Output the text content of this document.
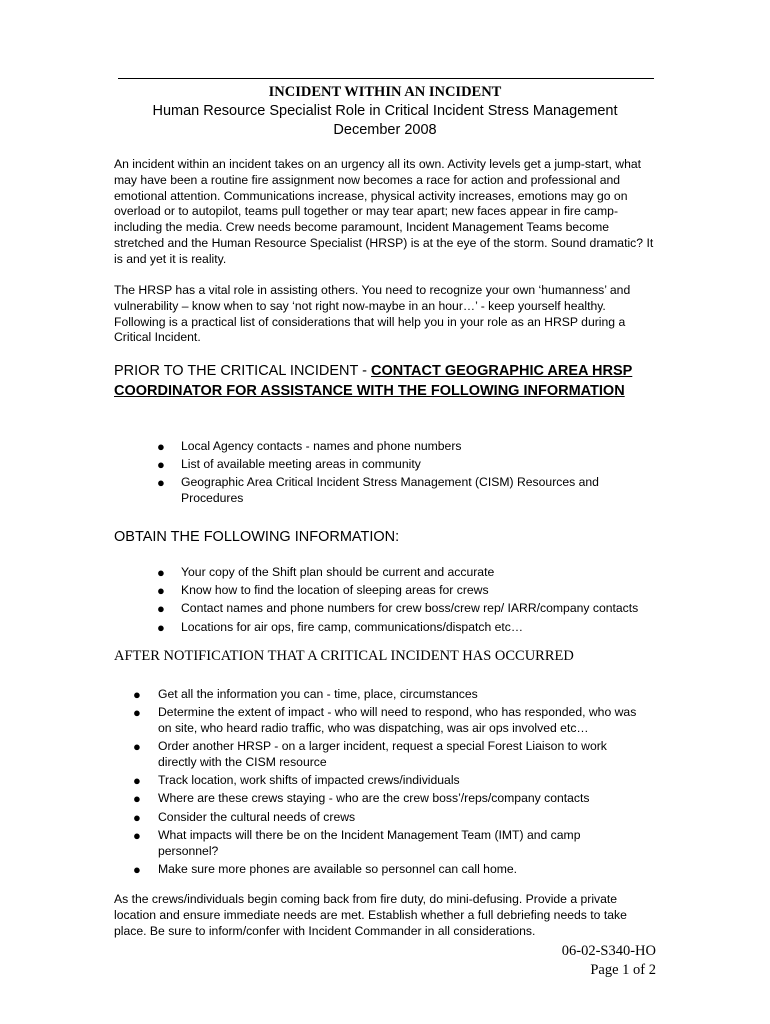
INCIDENT WITHIN AN INCIDENT
Human Resource Specialist Role in Critical Incident Stress Management
December 2008

An incident within an incident takes on an urgency all its own. Activity levels get a jump-start, what may have been a routine fire assignment now becomes a race for action and professional and emotional attention. Communications increase, physical activity increases, emotions may go on overload or to autopilot, teams pull together or may tear apart; new faces appear in fire camp-including the media. Crew needs become paramount, Incident Management Teams become stretched and the Human Resource Specialist (HRSP) is at the eye of the storm. Sound dramatic? It is and yet it is reality.

The HRSP has a vital role in assisting others. You need to recognize your own ‘humanness’ and vulnerability – know when to say ‘not right now-maybe in an hour…’ - keep yourself healthy. Following is a practical list of considerations that will help you in your role as an HRSP during a Critical Incident.

PRIOR TO THE CRITICAL INCIDENT - CONTACT GEOGRAPHIC AREA HRSP COORDINATOR FOR ASSISTANCE WITH THE FOLLOWING INFORMATION

● Local Agency contacts - names and phone numbers
● List of available meeting areas in community
● Geographic Area Critical Incident Stress Management (CISM) Resources and Procedures

OBTAIN THE FOLLOWING INFORMATION:

● Your copy of the Shift plan should be current and accurate
● Know how to find the location of sleeping areas for crews
● Contact names and phone numbers for crew boss/crew rep/ IARR/company contacts
● Locations for air ops, fire camp, communications/dispatch etc…

AFTER NOTIFICATION THAT A CRITICAL INCIDENT HAS OCCURRED

● Get all the information you can - time, place, circumstances
● Determine the extent of impact - who will need to respond, who has responded, who was on site, who heard radio traffic, who was dispatching, was air ops involved etc…
● Order another HRSP - on a larger incident, request a special Forest Liaison to work directly with the CISM resource
● Track location, work shifts of impacted crews/individuals
● Where are these crews staying - who are the crew boss’/reps/company contacts
● Consider the cultural needs of crews
● What impacts will there be on the Incident Management Team (IMT) and camp personnel?
● Make sure more phones are available so personnel can call home.

As the crews/individuals begin coming back from fire duty, do mini-defusing. Provide a private location and ensure immediate needs are met. Establish whether a full debriefing needs to take place. Be sure to inform/confer with Incident Commander in all considerations.

06-02-S340-HO
Page 1 of 2
